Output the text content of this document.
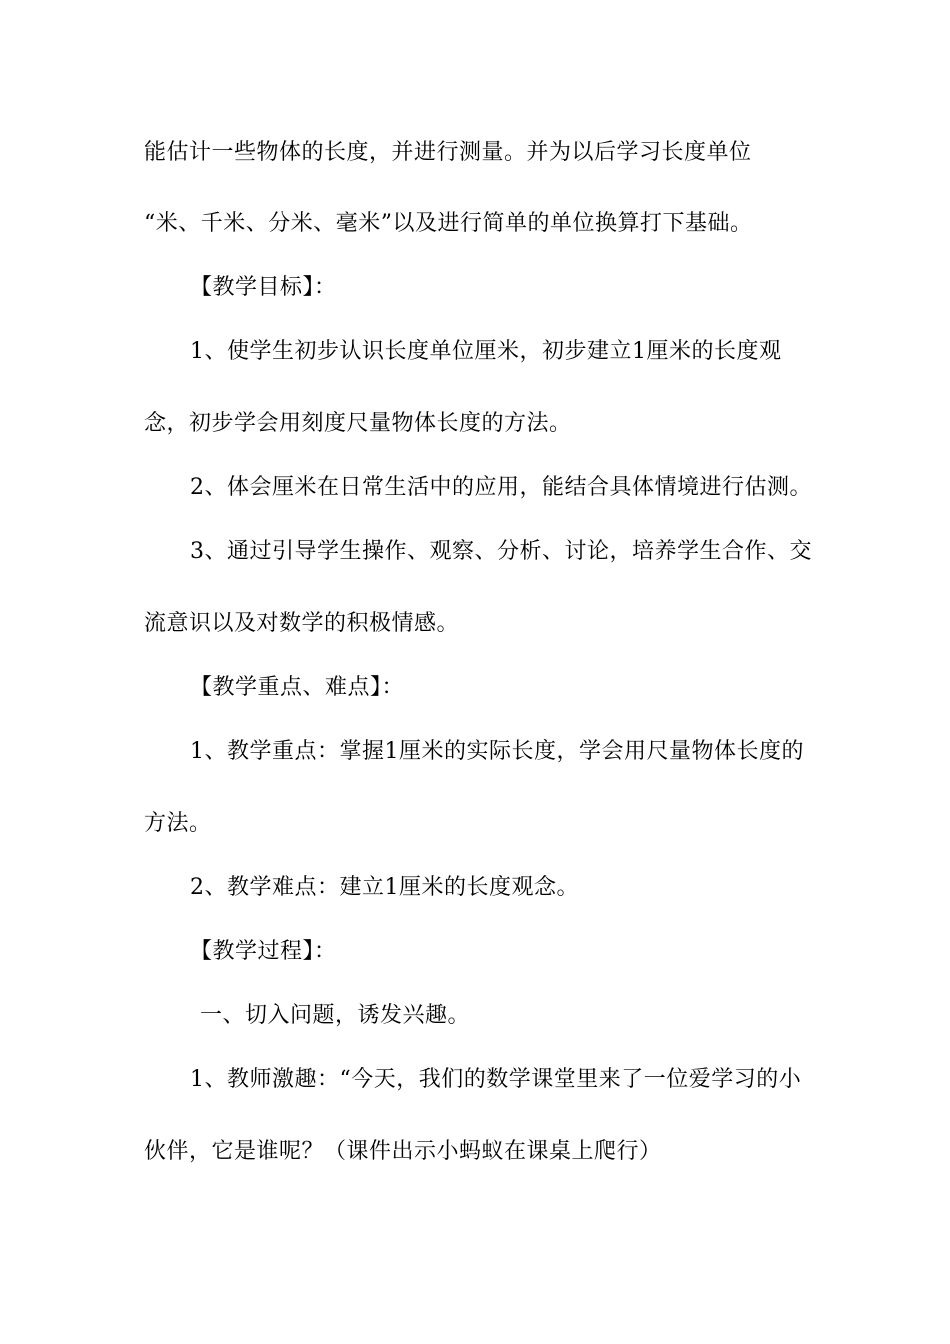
能估计一些物体的长度，并进行测量。并为以后学习长度单位
“米、千米、分米、毫米”以及进行简单的单位换算打下基础。
【教学目标】：
1、使学生初步认识长度单位厘米，初步建立1厘米的长度观
念，初步学会用刻度尺量物体长度的方法。
2、体会厘米在日常生活中的应用，能结合具体情境进行估测。
3、通过引导学生操作、观察、分析、讨论，培养学生合作、交
流意识以及对数学的积极情感。
【教学重点、难点】：
1、教学重点：掌握1厘米的实际长度，学会用尺量物体长度的
方法。
2、教学难点：建立1厘米的长度观念。
【教学过程】：
一、切入问题，诱发兴趣。
1、教师激趣：“今天，我们的数学课堂里来了一位爱学习的小
伙伴，它是谁呢？（课件出示小蚂蚁在课桌上爬行）
